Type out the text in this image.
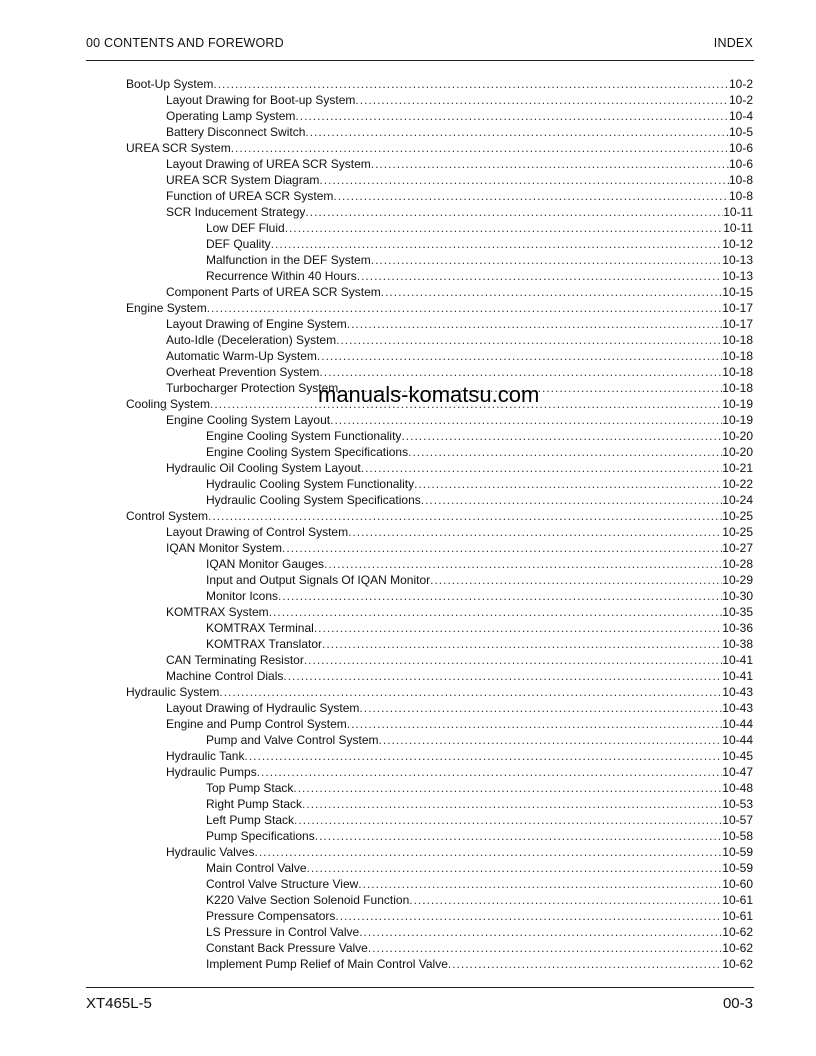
00 CONTENTS AND FOREWORD	INDEX
Boot-Up System .....	10-2
Layout Drawing for Boot-up System .....	10-2
Operating Lamp System .....	10-4
Battery Disconnect Switch .....	10-5
UREA SCR System .....	10-6
Layout Drawing of UREA SCR System .....	10-6
UREA SCR System Diagram .....	10-8
Function of UREA SCR System .....	10-8
SCR Inducement Strategy .....	10-11
Low DEF Fluid .....	10-11
DEF Quality .....	10-12
Malfunction in the DEF System .....	10-13
Recurrence Within 40 Hours .....	10-13
Component Parts of UREA SCR System .....	10-15
Engine System .....	10-17
Layout Drawing of Engine System .....	10-17
Auto-Idle (Deceleration) System .....	10-18
Automatic Warm-Up System .....	10-18
Overheat Prevention System .....	10-18
Turbocharger Protection System .....	10-18
Cooling System .....	10-19
Engine Cooling System Layout .....	10-19
Engine Cooling System Functionality .....	10-20
Engine Cooling System Specifications .....	10-20
Hydraulic Oil Cooling System Layout .....	10-21
Hydraulic Cooling System Functionality .....	10-22
Hydraulic Cooling System Specifications .....	10-24
Control System .....	10-25
Layout Drawing of Control System .....	10-25
IQAN Monitor System .....	10-27
IQAN Monitor Gauges .....	10-28
Input and Output Signals Of IQAN Monitor .....	10-29
Monitor Icons .....	10-30
KOMTRAX System .....	10-35
KOMTRAX Terminal .....	10-36
KOMTRAX Translator .....	10-38
CAN Terminating Resistor .....	10-41
Machine Control Dials .....	10-41
Hydraulic System .....	10-43
Layout Drawing of Hydraulic System .....	10-43
Engine and Pump Control System .....	10-44
Pump and Valve Control System .....	10-44
Hydraulic Tank .....	10-45
Hydraulic Pumps .....	10-47
Top Pump Stack .....	10-48
Right Pump Stack .....	10-53
Left Pump Stack .....	10-57
Pump Specifications .....	10-58
Hydraulic Valves .....	10-59
Main Control Valve .....	10-59
Control Valve Structure View .....	10-60
K220 Valve Section Solenoid Function .....	10-61
Pressure Compensators .....	10-61
LS Pressure in Control Valve .....	10-62
Constant Back Pressure Valve .....	10-62
Implement Pump Relief of Main Control Valve .....	10-62
manuals-komatsu.com
XT465L-5	00-3
